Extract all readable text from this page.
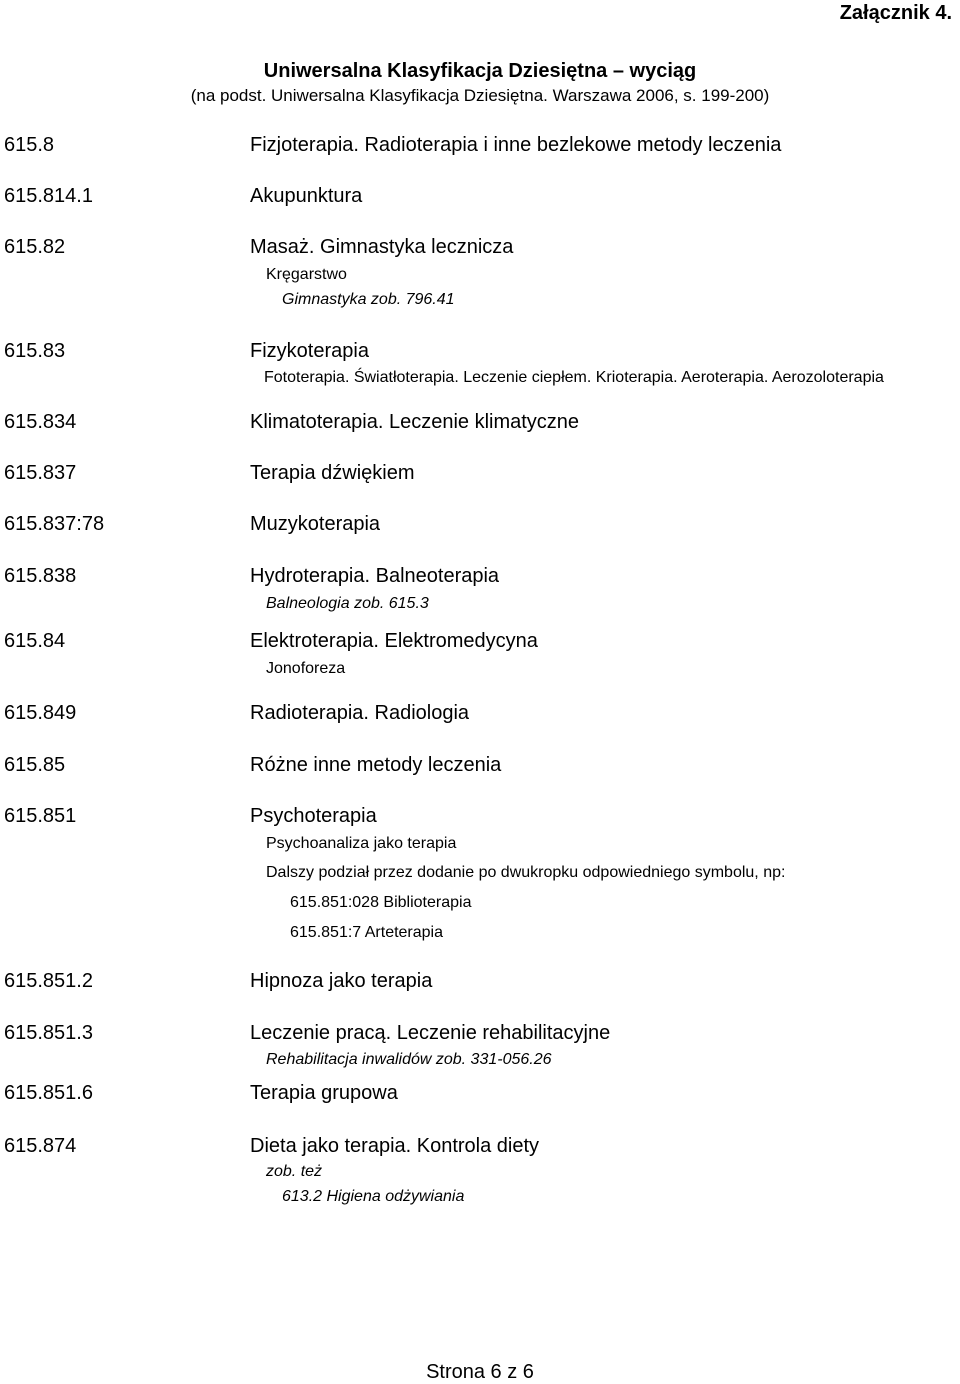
Załącznik 4.
Uniwersalna Klasyfikacja Dziesiętna – wyciąg
(na podst. Uniwersalna Klasyfikacja Dziesiętna. Warszawa 2006, s. 199-200)
615.8	Fizjoterapia. Radioterapia i inne bezlekowe metody leczenia
615.814.1	Akupunktura
615.82	Masaż. Gimnastyka lecznicza
Kręgarstwo
Gimnastyka zob. 796.41
615.83	Fizykoterapia
Fototerapia. Światłoterapia. Leczenie ciepłem. Krioterapia. Aeroterapia. Aerozoloterapia
615.834	Klimatoterapia. Leczenie klimatyczne
615.837	Terapia dźwiękiem
615.837:78	Muzykoterapia
615.838	Hydroterapia. Balneoterapia
Balneologia zob. 615.3
615.84	Elektroterapia. Elektromedycyna
Jonoforeza
615.849	Radioterapia. Radiologia
615.85	Różne inne metody leczenia
615.851	Psychoterapia
Psychoanaliza jako terapia
Dalszy podział przez dodanie po dwukropku odpowiedniego symbolu, np:
615.851:028 Biblioterapia
615.851:7 Arteterapia
615.851.2	Hipnoza jako terapia
615.851.3	Leczenie pracą. Leczenie rehabilitacyjne
Rehabilitacja inwalidów zob. 331-056.26
615.851.6	Terapia grupowa
615.874	Dieta jako terapia. Kontrola diety
zob. też
613.2 Higiena odżywiania
Strona 6 z 6
